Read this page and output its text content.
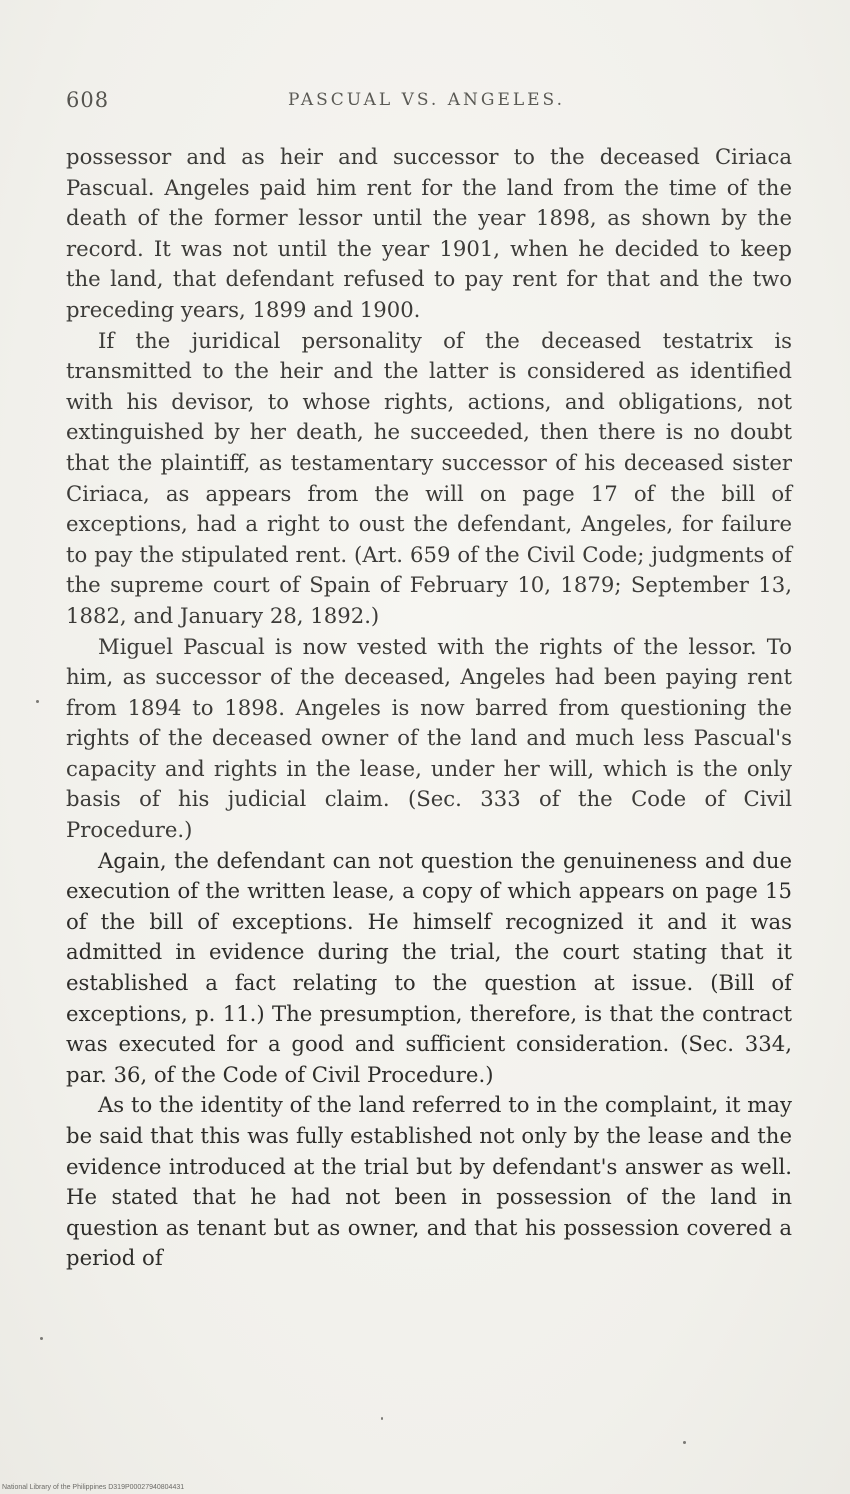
608	PASCUAL VS. ANGELES.

possessor and as heir and successor to the deceased Ciriaca Pascual. Angeles paid him rent for the land from the time of the death of the former lessor until the year 1898, as shown by the record. It was not until the year 1901, when he decided to keep the land, that defendant refused to pay rent for that and the two preceding years, 1899 and 1900.

If the juridical personality of the deceased testatrix is transmitted to the heir and the latter is considered as identified with his devisor, to whose rights, actions, and obligations, not extinguished by her death, he succeeded, then there is no doubt that the plaintiff, as testamentary successor of his deceased sister Ciriaca, as appears from the will on page 17 of the bill of exceptions, had a right to oust the defendant, Angeles, for failure to pay the stipulated rent. (Art. 659 of the Civil Code; judgments of the supreme court of Spain of February 10, 1879; September 13, 1882, and January 28, 1892.)

Miguel Pascual is now vested with the rights of the lessor. To him, as successor of the deceased, Angeles had been paying rent from 1894 to 1898. Angeles is now barred from questioning the rights of the deceased owner of the land and much less Pascual's capacity and rights in the lease, under her will, which is the only basis of his judicial claim. (Sec. 333 of the Code of Civil Procedure.)

Again, the defendant can not question the genuineness and due execution of the written lease, a copy of which appears on page 15 of the bill of exceptions. He himself recognized it and it was admitted in evidence during the trial, the court stating that it established a fact relating to the question at issue. (Bill of exceptions, p. 11.) The presumption, therefore, is that the contract was executed for a good and sufficient consideration. (Sec. 334, par. 36, of the Code of Civil Procedure.)

As to the identity of the land referred to in the complaint, it may be said that this was fully established not only by the lease and the evidence introduced at the trial but by defendant's answer as well. He stated that he had not been in possession of the land in question as tenant but as owner, and that his possession covered a period of

National Library of the Philippines D319P00027940804431
